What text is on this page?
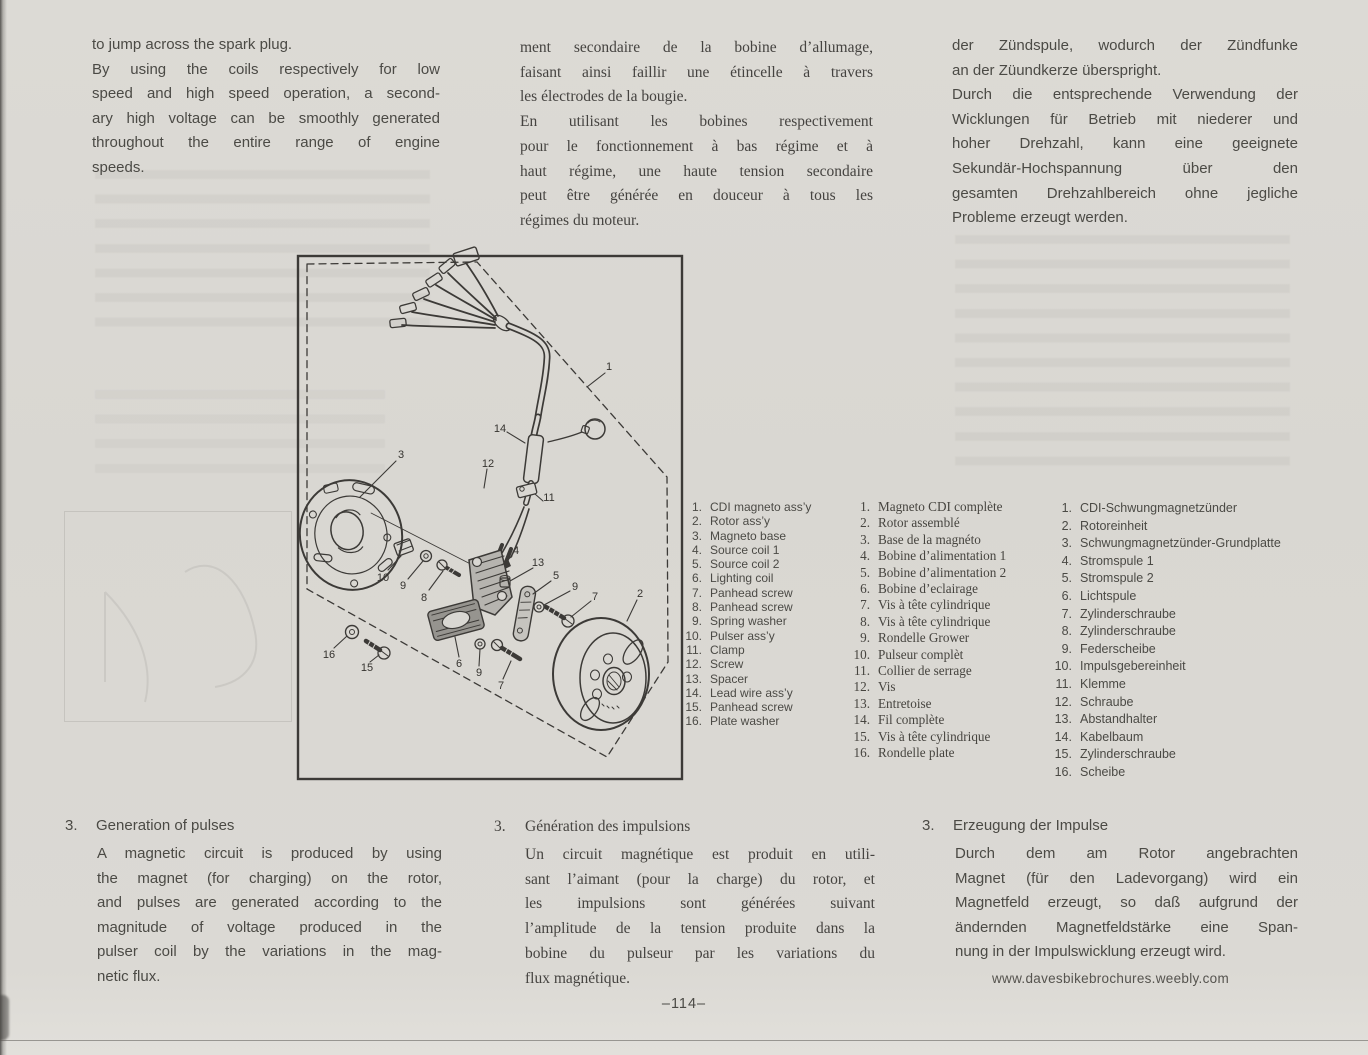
to jump across the spark plug.
By using the coils respectively for low
speed and high speed operation, a second-
ary high voltage can be smoothly generated
throughout the entire range of engine
speeds.
ment secondaire de la bobine d’allumage,
faisant ainsi faillir une étincelle à travers
les électrodes de la bougie.
En utilisant les bobines respectivement
pour le fonctionnement à bas régime et à
haut régime, une haute tension secondaire
peut être générée en douceur à tous les
régimes du moteur.
der Zündspule, wodurch der Zündfunke
an der Züundkerze überspright.
Durch die entsprechende Verwendung der
Wicklungen für Betrieb mit niederer und
hoher Drehzahl, kann eine geeignete
Sekundär-Hochspannung über den
gesamten Drehzahlbereich ohne jegliche
Probleme erzeugt werden.
1
14
12
11
3
10
9
8
4
13
5
9
7	2
16
15	6
9
7
1. CDI magneto ass’y
2. Rotor ass’y
3. Magneto base
4. Source coil 1
5. Source coil 2
6. Lighting coil
7. Panhead screw
8. Panhead screw
9. Spring washer
10. Pulser ass’y
11. Clamp
12. Screw
13. Spacer
14. Lead wire ass’y
15. Panhead screw
16. Plate washer
1. Magneto CDI complète
2. Rotor assemblé
3. Base de la magnéto
4. Bobine d’alimentation 1
5. Bobine d’alimentation 2
6. Bobine d’eclairage
7. Vis à tête cylindrique
8. Vis à tête cylindrique
9. Rondelle Grower
10. Pulseur complèt
11. Collier de serrage
12. Vis
13. Entretoise
14. Fil complète
15. Vis à tête cylindrique
16. Rondelle plate
1. CDI-Schwungmagnetzünder
2. Rotoreinheit
3. Schwungmagnetzünder-Grundplatte
4. Stromspule 1
5. Stromspule 2
6. Lichtspule
7. Zylinderschraube
8. Zylinderschraube
9. Federscheibe
10. Impulsgebereinheit
11. Klemme
12. Schraube
13. Abstandhalter
14. Kabelbaum
15. Zylinderschraube
16. Scheibe
3. Generation of pulses
A magnetic circuit is produced by using
the magnet (for charging) on the rotor,
and pulses are generated according to the
magnitude of voltage produced in the
pulser coil by the variations in the mag-
netic flux.
3. Génération des impulsions
Un circuit magnétique est produit en utili-
sant l’aimant (pour la charge) du rotor, et
les impulsions sont générées suivant
l’amplitude de la tension produite dans la
bobine du pulseur par les variations du
flux magnétique.
3. Erzeugung der Impulse
Durch dem am Rotor angebrachten
Magnet (für den Ladevorgang) wird ein
Magnetfeld erzeugt, so daß aufgrund der
ändernden Magnetfeldstärke eine Span-
nung in der Impulswicklung erzeugt wird.
www.davesbikebrochures.weebly.com
–114–
